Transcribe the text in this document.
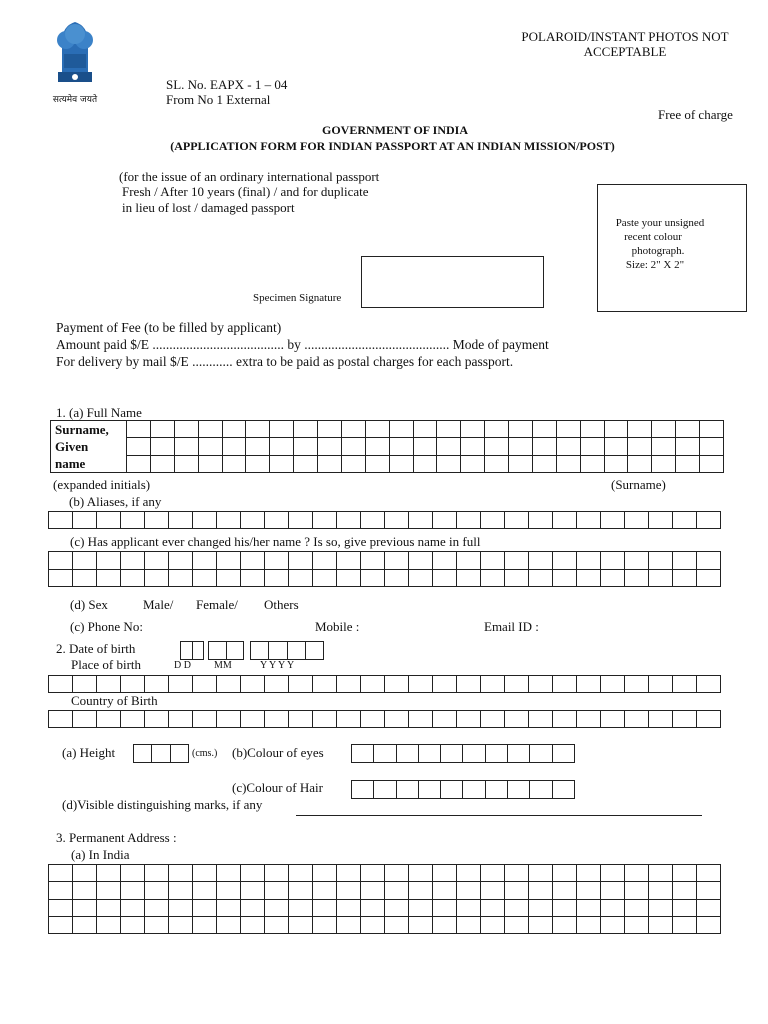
सत्यमेव जयते
POLAROID/INSTANT PHOTOS NOT
ACCEPTABLE
SL. No. EAPX - 1 – 04
From No 1 External
Free of charge
GOVERNMENT OF INDIA
(APPLICATION FORM FOR INDIAN PASSPORT AT AN INDIAN MISSION/POST)
(for the issue of an ordinary international passport
Fresh / After 10 years (final) / and for duplicate
in lieu of lost / damaged passport
Paste your unsigned
recent colour
photograph.
Size: 2" X 2"
Specimen Signature
Payment of Fee (to be filled by applicant)
Amount paid $/E ....................................... by ........................................... Mode of payment
For delivery by mail $/E ............ extra to be paid as postal charges for each passport.
1. (a) Full Name
Surname,
Given
name
(expanded initials)	(Surname)
(b) Aliases, if any
(c) Has applicant ever changed his/her name ? Is so, give previous name in full
(d) Sex	Male/ Female/ Others
(c) Phone No:	Mobile :	Email ID :
2. Date of birth
Place of birth	D D MM	Y Y Y Y
Country of Birth
(a) Height	(cms.) (b)Colour of eyes
(c)Colour of Hair
(d)Visible distinguishing marks, if any
3. Permanent Address :
(a) In India
